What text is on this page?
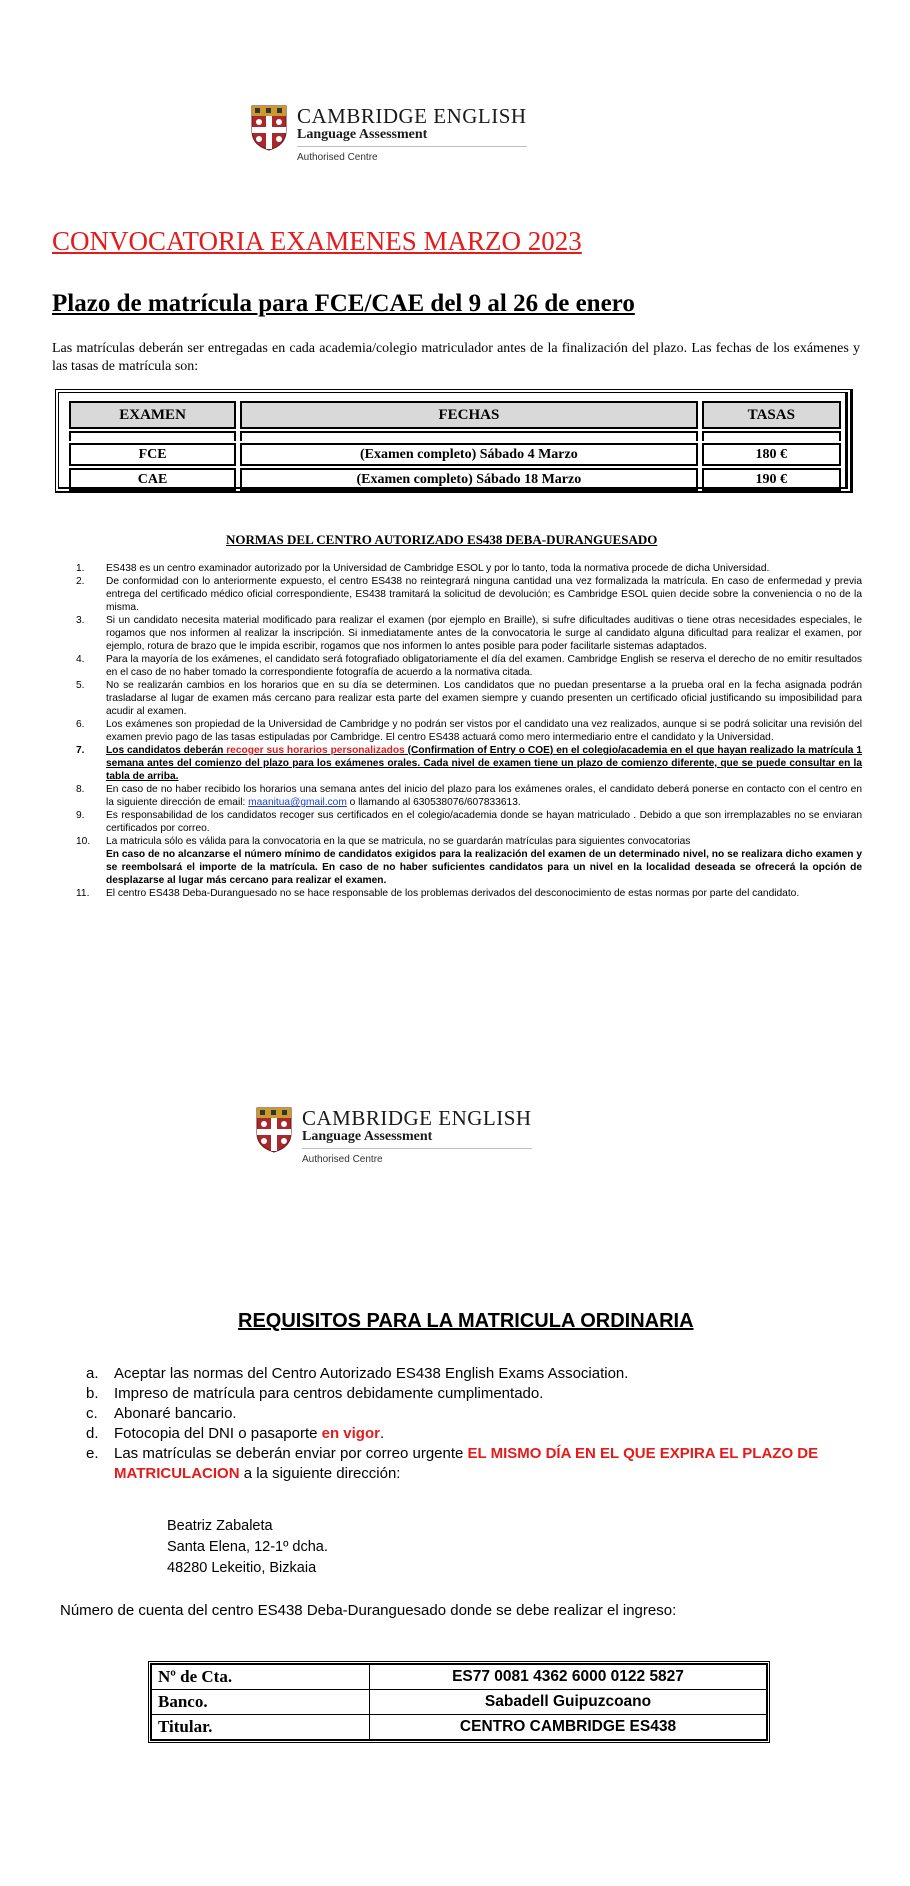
CAMBRIDGE ENGLISH
Language Assessment
Authorised Centre
CONVOCATORIA EXAMENES MARZO 2023
Plazo de matrícula para FCE/CAE del 9 al 26 de enero
Las matrículas deberán ser entregadas en cada academia/colegio matriculador antes de la finalización del plazo. Las fechas de los exámenes y las tasas de matrícula son:
EXAMEN	FECHAS	TASAS

FCE	(Examen completo) Sábado 4 Marzo	180 €
CAE	(Examen completo) Sábado 18 Marzo	190 €
NORMAS DEL CENTRO AUTORIZADO ES438 DEBA-DURANGUESADO
1.	ES438 es un centro examinador autorizado por la Universidad de Cambridge ESOL y por lo tanto, toda la normativa procede de dicha Universidad.
2.	De conformidad con lo anteriormente expuesto, el centro ES438 no reintegrará ninguna cantidad una vez formalizada la matrícula. En caso de enfermedad y previa entrega del certificado médico oficial correspondiente, ES438 tramitará la solicitud de devolución; es Cambridge ESOL quien decide sobre la conveniencia o no de la misma.
3.	Si un candidato necesita material modificado para realizar el examen (por ejemplo en Braille), si sufre dificultades auditivas o tiene otras necesidades especiales, le rogamos que nos informen al realizar la inscripción. Si inmediatamente antes de la convocatoria le surge al candidato alguna dificultad para realizar el examen, por ejemplo, rotura de brazo que le impida escribir, rogamos que nos informen lo antes posible para poder facilitarle sistemas adaptados.
4.	Para la mayoría de los exámenes, el candidato será fotografiado obligatoriamente el día del examen. Cambridge English se reserva el derecho de no emitir resultados en el caso de no haber tomado la correspondiente fotografía de acuerdo a la normativa citada.
5.	No se realizarán cambios en los horarios que en su día se determinen. Los candidatos que no puedan presentarse a la prueba oral en la fecha asignada podrán trasladarse al lugar de examen más cercano para realizar esta parte del examen siempre y cuando presenten un certificado oficial justificando su imposibilidad para acudir al examen.
6.	Los exámenes son propiedad de la Universidad de Cambridge y no podrán ser vistos por el candidato una vez realizados, aunque si se podrá solicitar una revisión del examen previo pago de las tasas estipuladas por Cambridge. El centro ES438 actuará como mero intermediario entre el candidato y la Universidad.
7.	Los candidatos deberán recoger sus horarios personalizados (Confirmation of Entry o COE) en el colegio/academia en el que hayan realizado la matrícula 1 semana antes del comienzo del plazo para los exámenes orales. Cada nivel de examen tiene un plazo de comienzo diferente, que se puede consultar en la tabla de arriba.
8.	En caso de no haber recibido los horarios una semana antes del inicio del plazo para los exámenes orales, el candidato deberá ponerse en contacto con el centro en la siguiente dirección de email: maanitua@gmail.com o llamando al 630538076/607833613.
9.	Es responsabilidad de los candidatos recoger sus certificados en el colegio/academia donde se hayan matriculado . Debido a que son irremplazables no se enviaran certificados por correo.
10.	La matricula sólo es válida para la convocatoria en la que se matricula, no se guardarán matrículas para siguientes convocatorias
En caso de no alcanzarse el número mínimo de candidatos exigidos para la realización del examen de un determinado nivel, no se realizara dicho examen y se reembolsará el importe de la matrícula. En caso de no haber suficientes candidatos para un nivel en la localidad deseada se ofrecerá la opción de desplazarse al lugar más cercano para realizar el examen.
11.	El centro ES438 Deba-Duranguesado no se hace responsable de los problemas derivados del desconocimiento de estas normas por parte del candidato.
CAMBRIDGE ENGLISH
Language Assessment
Authorised Centre
REQUISITOS PARA LA MATRICULA ORDINARIA
a.	Aceptar las normas del Centro Autorizado ES438 English Exams Association.
b.	Impreso de matrícula para centros debidamente cumplimentado.
c.	Abonaré bancario.
d.	Fotocopia del DNI o pasaporte en vigor.
e.	Las matrículas se deberán enviar por correo urgente EL MISMO DÍA EN EL QUE EXPIRA EL PLAZO DE MATRICULACION a la siguiente dirección:
Beatriz Zabaleta
Santa Elena, 12-1º dcha.
48280 Lekeitio, Bizkaia
Número de cuenta del centro ES438 Deba-Duranguesado donde se debe realizar el ingreso:
Nº de Cta.	ES77 0081 4362 6000 0122 5827
Banco.	Sabadell Guipuzcoano
Titular.	CENTRO CAMBRIDGE ES438
